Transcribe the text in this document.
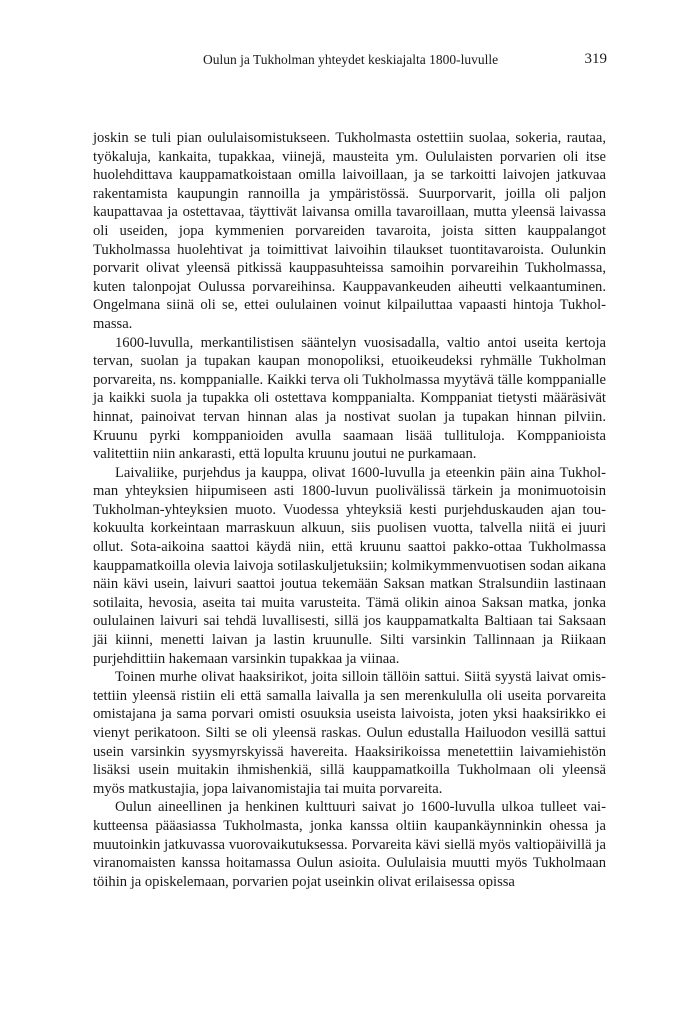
Oulun ja Tukholman yhteydet keskiajalta 1800-luvulle	319

joskin se tuli pian oululaisomistukseen. Tukholmasta ostettiin suolaa, sokeria, rautaa, työkaluja, kankaita, tupakkaa, viinejä, mausteita ym. Oululaisten porvarien oli itse huolehdittava kauppamatkoistaan omilla laivoillaan, ja se tarkoitti laivojen jatkuvaa rakentamista kaupungin rannoilla ja ympäristössä. Suurporvarit, joilla oli paljon kaupattavaa ja ostettavaa, täyttivät laivansa omilla tavaroillaan, mutta yleensä laivassa oli useiden, jopa kymmenien porvareiden tavaroita, joista sitten kauppalangot Tukholmassa huolehtivat ja toimittivat laivoihin tilaukset tuontitavaroista. Oulunkin porvarit olivat yleensä pitkissä kauppasuhteissa samoihin porvareihin Tukholmassa, kuten talonpojat Oulussa porvareihinsa. Kauppavankeuden aiheutti velkaantuminen. Ongelmana siinä oli se, ettei oululainen voinut kilpailuttaa vapaasti hintoja Tukholmassa.

1600-luvulla, merkantilistisen sääntelyn vuosisadalla, valtio antoi useita kertoja tervan, suolan ja tupakan kaupan monopoliksi, etuoikeudeksi ryhmälle Tukholman porvareita, ns. komppanialle. Kaikki terva oli Tukholmassa myytävä tälle komppanialle ja kaikki suola ja tupakka oli ostettava komppanialta. Komppaniat tietysti määräsivät hinnat, painoivat tervan hinnan alas ja nostivat suolan ja tupakan hinnan pilviin. Kruunu pyrki komppanioiden avulla saamaan lisää tullituloja. Komppanioista valitettiin niin ankarasti, että lopulta kruunu joutui ne purkamaan.

Laivaliike, purjehdus ja kauppa, olivat 1600-luvulla ja eteenkin päin aina Tukholman yhteyksien hiipumiseen asti 1800-luvun puolivälissä tärkein ja monimuotoisin Tukholman-yhteyksien muoto. Vuodessa yhteyksiä kesti purjehduskauden ajan toukokuulta korkeintaan marraskuun alkuun, siis puolisen vuotta, talvella niitä ei juuri ollut. Sota-aikoina saattoi käydä niin, että kruunu saattoi pakko-ottaa Tukholmassa kauppamatkoilla olevia laivoja sotilaskuljetuksiin; kolmikymmenvuotisen sodan aikana näin kävi usein, laivuri saattoi joutua tekemään Saksan matkan Stralsundiin lastinaan sotilaita, hevosia, aseita tai muita varusteita. Tämä olikin ainoa Saksan matka, jonka oululainen laivuri sai tehdä luvallisesti, sillä jos kauppamatkalta Baltiaan tai Saksaan jäi kiinni, menetti laivan ja lastin kruunulle. Silti varsinkin Tallinnaan ja Riikaan purjehdittiin hakemaan varsinkin tupakkaa ja viinaa.

Toinen murhe olivat haaksirikot, joita silloin tällöin sattui. Siitä syystä laivat omistettiin yleensä ristiin eli että samalla laivalla ja sen merenkululla oli useita porvareita omistajana ja sama porvari omisti osuuksia useista laivoista, joten yksi haaksirikko ei vienyt perikatoon. Silti se oli yleensä raskas. Oulun edustalla Hailuodon vesillä sattui usein varsinkin syysmyrskyissä havereita. Haaksirikoissa menetettiin laivamiehistön lisäksi usein muitakin ihmishenkiä, sillä kauppamatkoilla Tukholmaan oli yleensä myös matkustajia, jopa laivanomistajia tai muita porvareita.

Oulun aineellinen ja henkinen kulttuuri saivat jo 1600-luvulla ulkoa tulleet vaikutteensa pääasiassa Tukholmasta, jonka kanssa oltiin kaupankäynninkin ohessa ja muutoinkin jatkuvassa vuorovaikutuksessa. Porvareita kävi siellä myös valtiopäivillä ja viranomaisten kanssa hoitamassa Oulun asioita. Oululaisia muutti myös Tukholmaan töihin ja opiskelemaan, porvarien pojat useinkin olivat erilaisessa opissa
